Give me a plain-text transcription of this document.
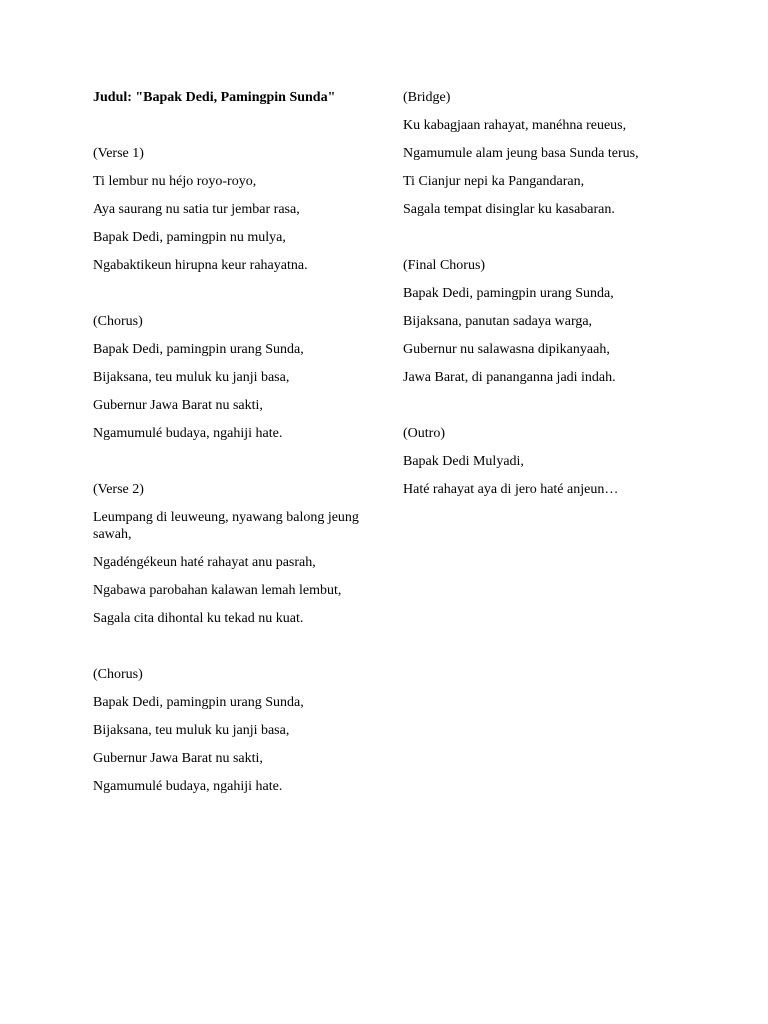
Judul: "Bapak Dedi, Pamingpin Sunda"
(Verse 1)
Ti lembur nu héjo royo-royo,
Aya saurang nu satia tur jembar rasa,
Bapak Dedi, pamingpin nu mulya,
Ngabaktikeun hirupna keur rahayatna.
(Chorus)
Bapak Dedi, pamingpin urang Sunda,
Bijaksana, teu muluk ku janji basa,
Gubernur Jawa Barat nu sakti,
Ngamumulé budaya, ngahiji hate.
(Verse 2)
Leumpang di leuweung, nyawang balong jeung sawah,
Ngadéngékeun haté rahayat anu pasrah,
Ngabawa parobahan kalawan lemah lembut,
Sagala cita dihontal ku tekad nu kuat.
(Chorus)
Bapak Dedi, pamingpin urang Sunda,
Bijaksana, teu muluk ku janji basa,
Gubernur Jawa Barat nu sakti,
Ngamumulé budaya, ngahiji hate.
(Bridge)
Ku kabagjaan rahayat, manéhna reueus,
Ngamumule alam jeung basa Sunda terus,
Ti Cianjur nepi ka Pangandaran,
Sagala tempat disinglar ku kasabaran.
(Final Chorus)
Bapak Dedi, pamingpin urang Sunda,
Bijaksana, panutan sadaya warga,
Gubernur nu salawasna dipikanyaah,
Jawa Barat, di pananganna jadi indah.
(Outro)
Bapak Dedi Mulyadi,
Haté rahayat aya di jero haté anjeun…
